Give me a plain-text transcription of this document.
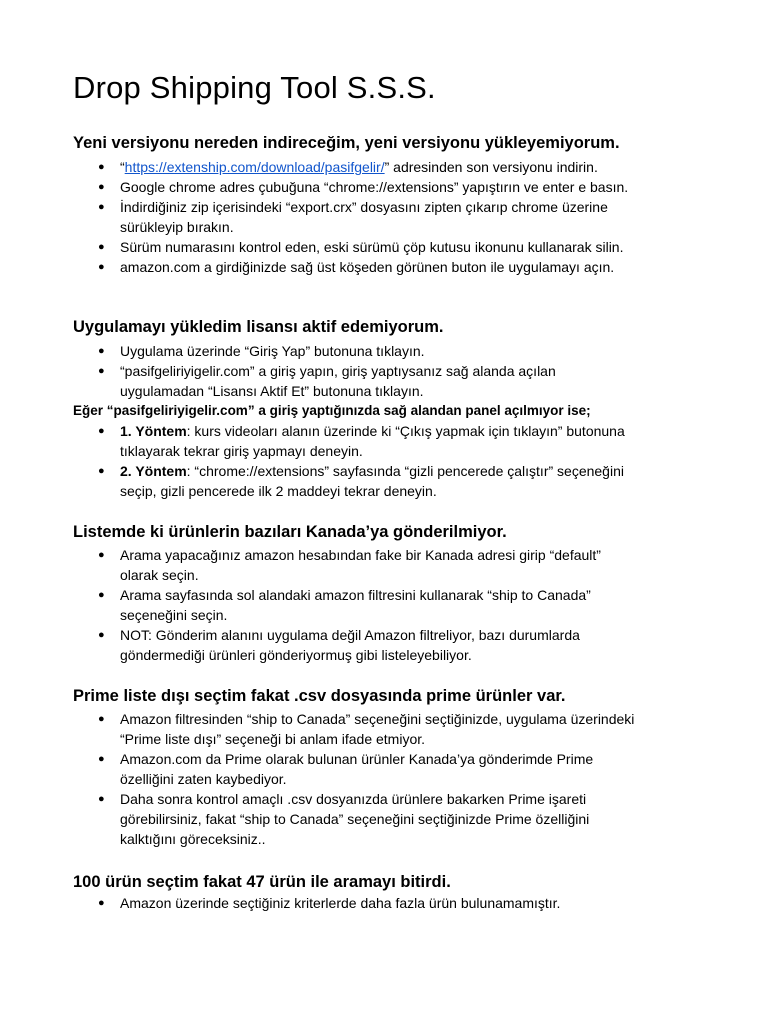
Drop Shipping Tool S.S.S.
Yeni versiyonu nereden indireceğim, yeni versiyonu yükleyemiyorum.
● “https://extenship.com/download/pasifgelir/” adresinden son versiyonu indirin.
● Google chrome adres çubuğuna “chrome://extensions” yapıştırın ve enter e basın.
● İndirdiğiniz zip içerisindeki “export.crx” dosyasını zipten çıkarıp chrome üzerine
sürükleyip bırakın.
● Sürüm numarasını kontrol eden, eski sürümü çöp kutusu ikonunu kullanarak silin.
● amazon.com a girdiğinizde sağ üst köşeden görünen buton ile uygulamayı açın.
Uygulamayı yükledim lisansı aktif edemiyorum.
● Uygulama üzerinde “Giriş Yap” butonuna tıklayın.
● “pasifgeliriyigelir.com” a giriş yapın, giriş yaptıysanız sağ alanda açılan
uygulamadan “Lisansı Aktif Et” butonuna tıklayın.
Eğer “pasifgeliriyigelir.com” a giriş yaptığınızda sağ alandan panel açılmıyor ise;
● 1. Yöntem: kurs videoları alanın üzerinde ki “Çıkış yapmak için tıklayın” butonuna
tıklayarak tekrar giriş yapmayı deneyin.
● 2. Yöntem: “chrome://extensions” sayfasında “gizli pencerede çalıştır” seçeneğini
seçip, gizli pencerede ilk 2 maddeyi tekrar deneyin.
Listemde ki ürünlerin bazıları Kanada’ya gönderilmiyor.
● Arama yapacağınız amazon hesabından fake bir Kanada adresi girip “default”
olarak seçin.
● Arama sayfasında sol alandaki amazon filtresini kullanarak “ship to Canada”
seçeneğini seçin.
● NOT: Gönderim alanını uygulama değil Amazon filtreliyor, bazı durumlarda
göndermediği ürünleri gönderiyormuş gibi listeleyebiliyor.
Prime liste dışı seçtim fakat .csv dosyasında prime ürünler var.
● Amazon filtresinden “ship to Canada” seçeneğini seçtiğinizde, uygulama üzerindeki
“Prime liste dışı” seçeneği bi anlam ifade etmiyor.
● Amazon.com da Prime olarak bulunan ürünler Kanada’ya gönderimde Prime
özelliğini zaten kaybediyor.
● Daha sonra kontrol amaçlı .csv dosyanızda ürünlere bakarken Prime işareti
görebilirsiniz, fakat “ship to Canada” seçeneğini seçtiğinizde Prime özelliğini
kalktığını göreceksiniz..
100 ürün seçtim fakat 47 ürün ile aramayı bitirdi.
● Amazon üzerinde seçtiğiniz kriterlerde daha fazla ürün bulunamamıştır.
